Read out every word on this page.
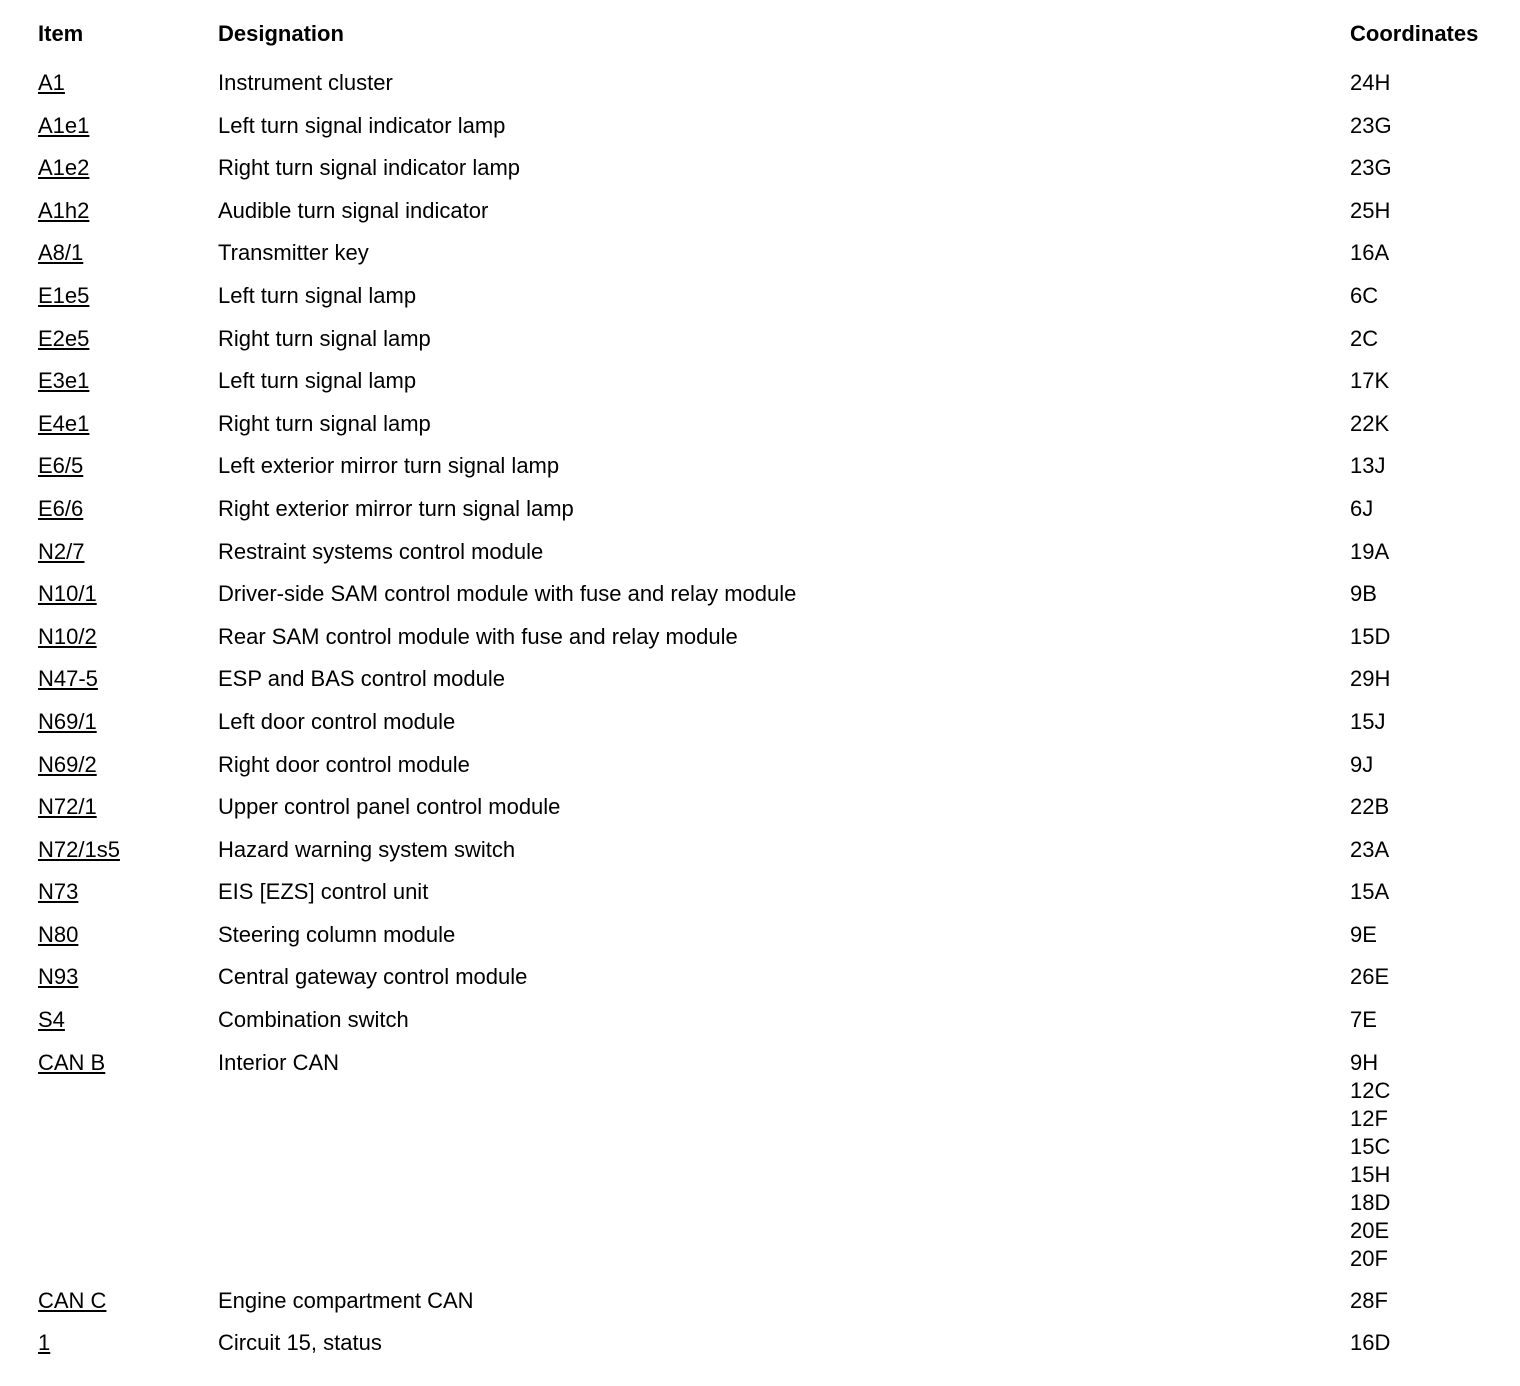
Item	Designation	Coordinates
A1	Instrument cluster	24H
A1e1	Left turn signal indicator lamp	23G
A1e2	Right turn signal indicator lamp	23G
A1h2	Audible turn signal indicator	25H
A8/1	Transmitter key	16A
E1e5	Left turn signal lamp	6C
E2e5	Right turn signal lamp	2C
E3e1	Left turn signal lamp	17K
E4e1	Right turn signal lamp	22K
E6/5	Left exterior mirror turn signal lamp	13J
E6/6	Right exterior mirror turn signal lamp	6J
N2/7	Restraint systems control module	19A
N10/1	Driver-side SAM control module with fuse and relay module	9B
N10/2	Rear SAM control module with fuse and relay module	15D
N47-5	ESP and BAS control module	29H
N69/1	Left door control module	15J
N69/2	Right door control module	9J
N72/1	Upper control panel control module	22B
N72/1s5	Hazard warning system switch	23A
N73	EIS [EZS] control unit	15A
N80	Steering column module	9E
N93	Central gateway control module	26E
S4	Combination switch	7E
CAN B	Interior CAN	9H
12C
12F
15C
15H
18D
20E
20F
CAN C	Engine compartment CAN	28F
1	Circuit 15, status	16D
